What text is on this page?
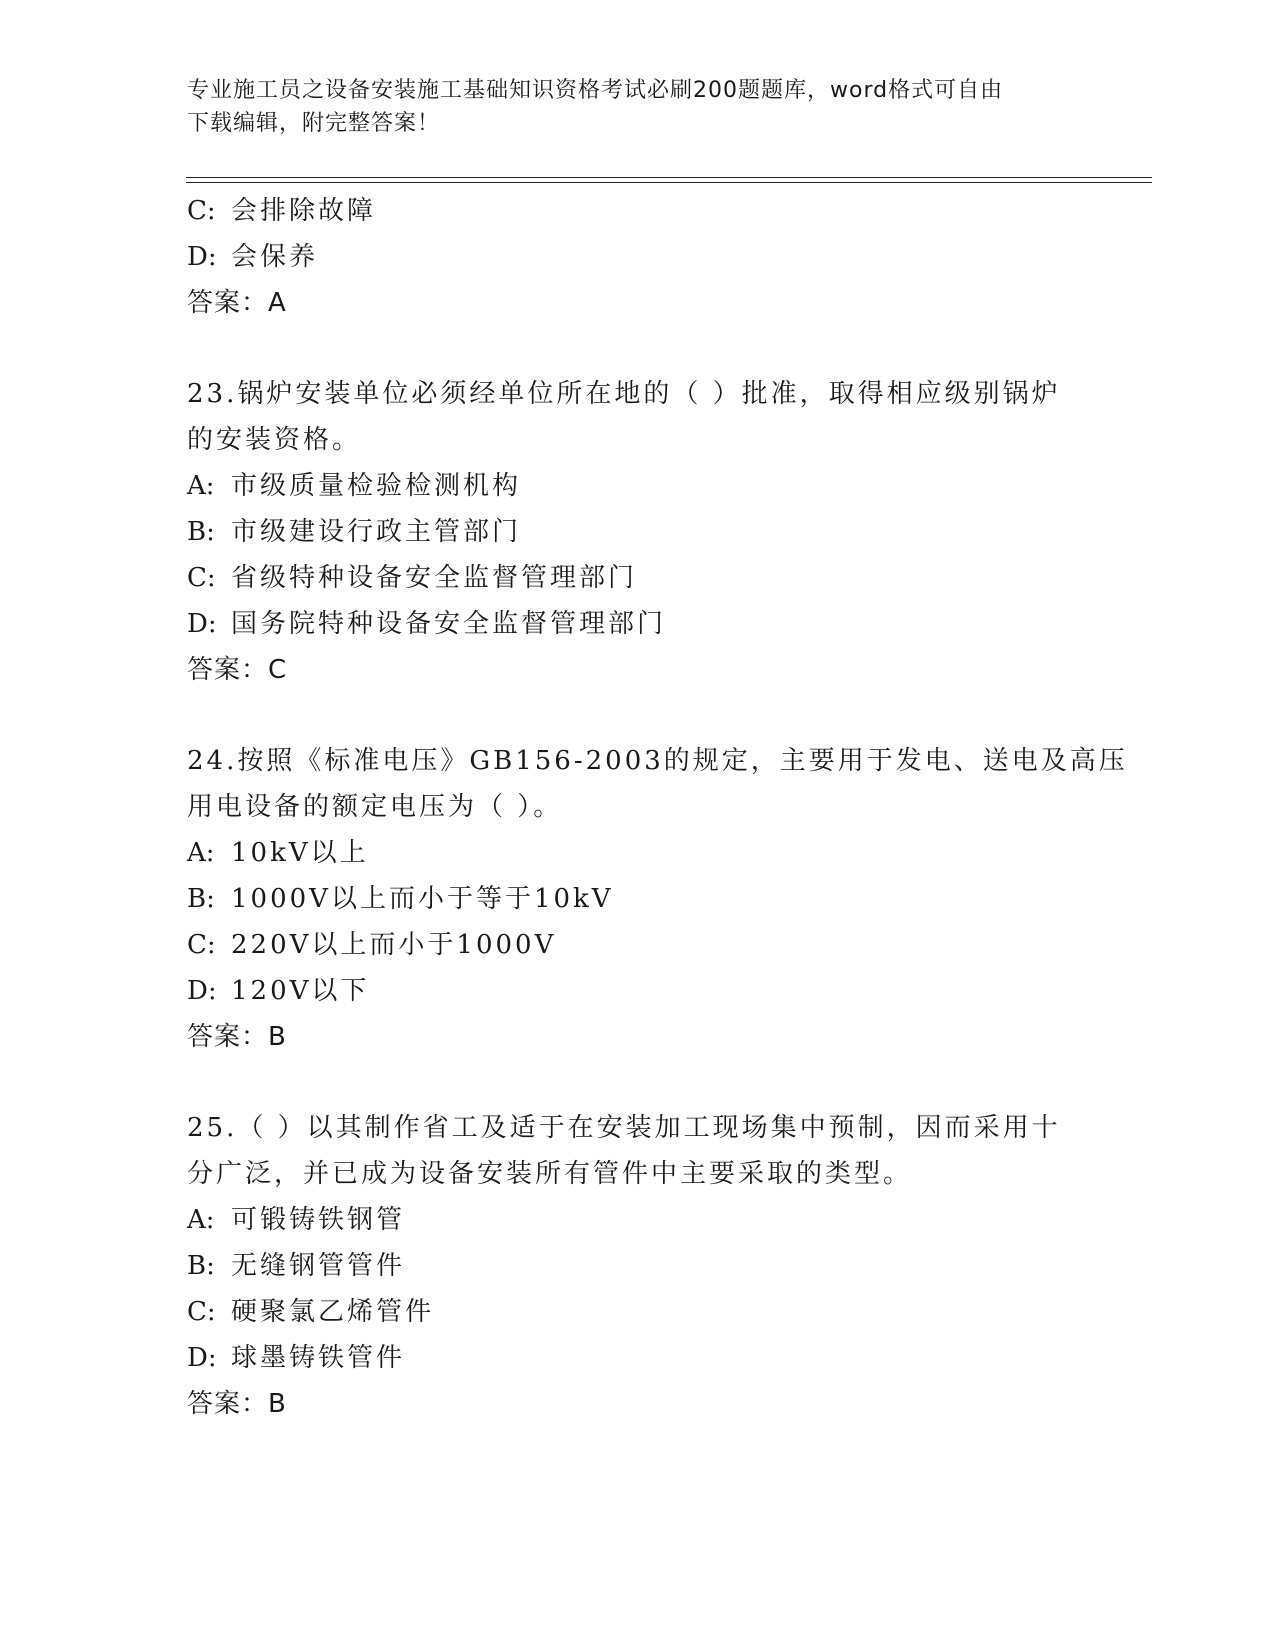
专业施工员之设备安装施工基础知识资格考试必刷200题题库，word格式可自由
下载编辑，附完整答案！
C: 会排除故障
D: 会保养
答案：A
23.锅炉安装单位必须经单位所在地的（ ）批准，取得相应级别锅炉
的安装资格。
A: 市级质量检验检测机构
B: 市级建设行政主管部门
C: 省级特种设备安全监督管理部门
D: 国务院特种设备安全监督管理部门
答案：C
24.按照《标准电压》GB156-2003的规定，主要用于发电、送电及高压
用电设备的额定电压为（ ）。
A: 10kV以上
B: 1000V以上而小于等于10kV
C: 220V以上而小于1000V
D: 120V以下
答案：B
25.（ ）以其制作省工及适于在安装加工现场集中预制，因而采用十
分广泛，并已成为设备安装所有管件中主要采取的类型。
A: 可锻铸铁钢管
B: 无缝钢管管件
C: 硬聚氯乙烯管件
D: 球墨铸铁管件
答案：B
